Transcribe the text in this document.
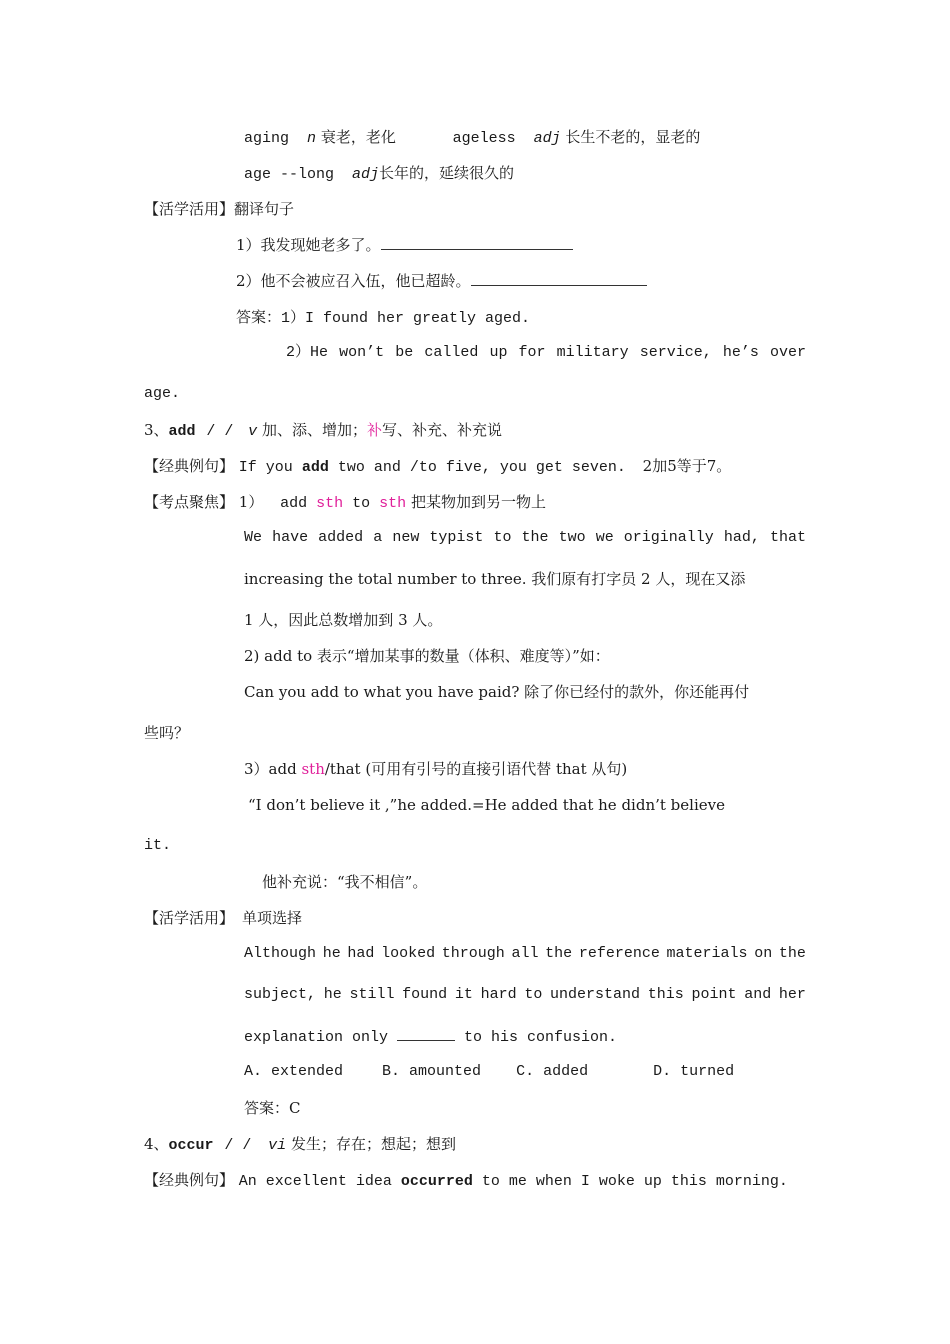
aging n 衰老，老化	ageless adj 长生不老的，显老的
age --long adj长年的，延续很久的
【活学活用】翻译句子
1）我发现她老多了。
2）他不会被应召入伍，他已超龄。
答案：1）I found her greatly aged.
2）He won’t be called up for military service, he’s over
age.
3、add / / v 加、添、增加；补写、补充、补充说
【经典例句】 If you add two and /to five, you get seven. 2加5等于7。
【考点聚焦】 1） add sth to sth 把某物加到另一物上
We have added a new typist to the two we originally had, that
increasing the total number to three. 我们原有打字员 2 人，现在又添
1 人，因此总数增加到 3 人。
2) add to 表示“增加某事的数量（体积、难度等）”如：
Can you add to what you have paid? 除了你已经付的款外，你还能再付
些吗？
3）add sth/that (可用有引号的直接引语代替 that 从句)
“I don’t believe it ,”he added.=He added that he didn’t believe
it.
他补充说：“我不相信”。
【活学活用】 单项选择
Although he had looked through all the reference materials on the
subject, he still found it hard to understand this point and her
explanation only	to his confusion.
A. extended	B. amounted C. added	D. turned
答案：C
4、occur / / vi 发生；存在；想起；想到
【经典例句】 An excellent idea occurred to me when I woke up this morning.
